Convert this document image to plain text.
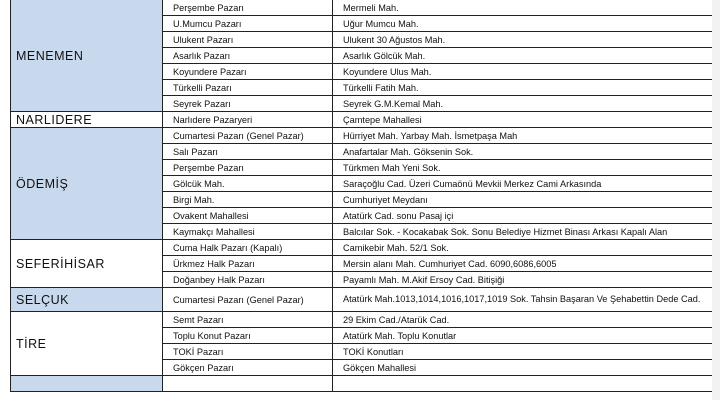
MENEMEN	Perşembe Pazarı	Mermeli Mah.
	U.Mumcu Pazarı	Uğur Mumcu Mah.
	Ulukent Pazarı	Ulukent 30 Ağustos Mah.
	Asarlık Pazarı	Asarlık Gölcük Mah.
	Koyundere Pazarı	Koyundere Ulus Mah.
	Türkelli Pazarı	Türkelli Fatih Mah.
	Seyrek Pazarı	Seyrek G.M.Kemal Mah.
NARLIDERE	Narlıdere Pazaryeri	Çamtepe Mahallesi
ÖDEMİŞ	Cumartesi Pazarı (Genel Pazar)	Hürriyet Mah. Yarbay Mah. İsmetpaşa Mah
	Salı Pazarı	Anafartalar Mah. Göksenin Sok.
	Perşembe Pazarı	Türkmen Mah Yeni Sok.
	Gölcük Mah.	Saraçoğlu Cad. Üzeri Cumaönü Mevkii Merkez Cami Arkasında
	Birgi Mah.	Cumhuriyet Meydanı
	Ovakent Mahallesi	Atatürk Cad. sonu Pasaj içi
	Kaymakçı Mahallesi	Balcılar Sok. - Kocakabak Sok. Sonu Belediye Hizmet Binası Arkası Kapalı Alan
SEFERİHİSAR	Cuma Halk Pazarı (Kapalı)	Camikebir Mah. 52/1 Sok.
	Ürkmez Halk Pazarı	Mersin alanı Mah. Cumhuriyet Cad. 6090,6086,6005
	Doğanbey Halk Pazarı	Payamlı Mah. M.Akif Ersoy Cad. Bitişiği
SELÇUK	Cumartesi Pazarı (Genel Pazar)	Atatürk Mah.1013,1014,1016,1017,1019 Sok. Tahsin Başaran Ve Şehabettin Dede Cad.
TİRE	Semt Pazarı	29 Ekim Cad./Atarük Cad.
	Toplu Konut Pazarı	Atatürk Mah. Toplu Konutlar
	TOKİ Pazarı	TOKİ Konutları
	Gökçen Pazarı	Gökçen Mahallesi
